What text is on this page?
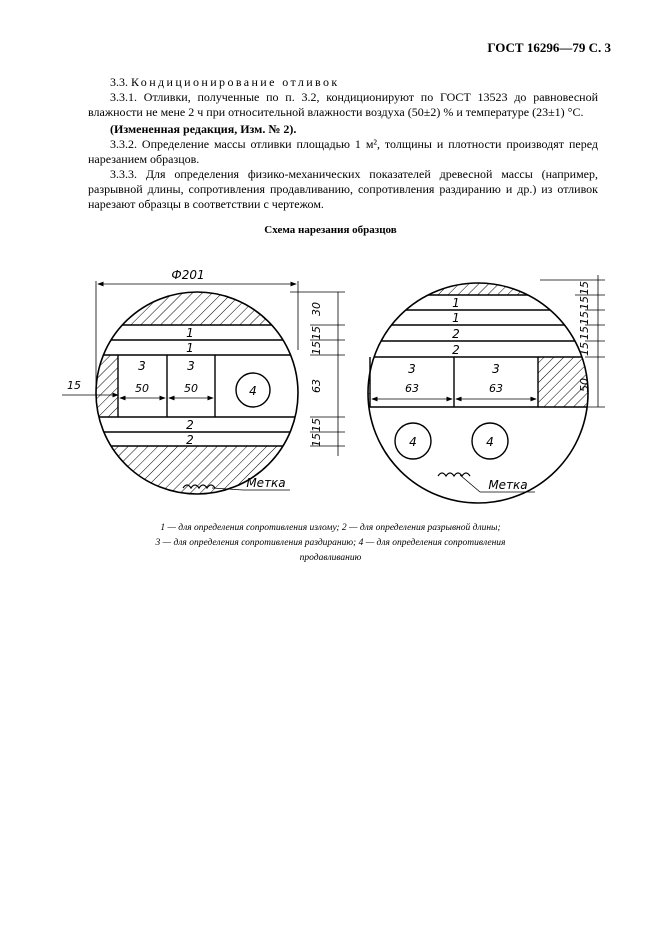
ГОСТ 16296—79 С. 3
3.3. Кондиционирование отливок
3.3.1. Отливки, полученные по п. 3.2, кондиционируют по ГОСТ 13523 до равновесной влажности не мене 2 ч при относительной влажности воздуха (50±2) % и температуре (23±1) °С.
(Измененная редакция, Изм. № 2).
3.3.2. Определение массы отливки площадью 1 м², толщины и плотности производят перед нарезанием образцов.
3.3.3. Для определения физико-механических показателей древесной массы (например, разрывной длины, сопротивления продавливанию, сопротивления раздиранию и др.) из отливок нарезают образцы в соответствии с чертежом.
Схема нарезания образцов
4
1
1
2
2
3	3
50	50
Ф201
15
30
15
15
63
15
15
Метка
4	4
1
1
2
2
3	3
63	63
15
15
15
15
15
50
Метка
1 — для определения сопротивления излому; 2 — для определения разрывной длины;
3 — для определения сопротивления раздиранию; 4 — для определения сопротивления
продавливанию
